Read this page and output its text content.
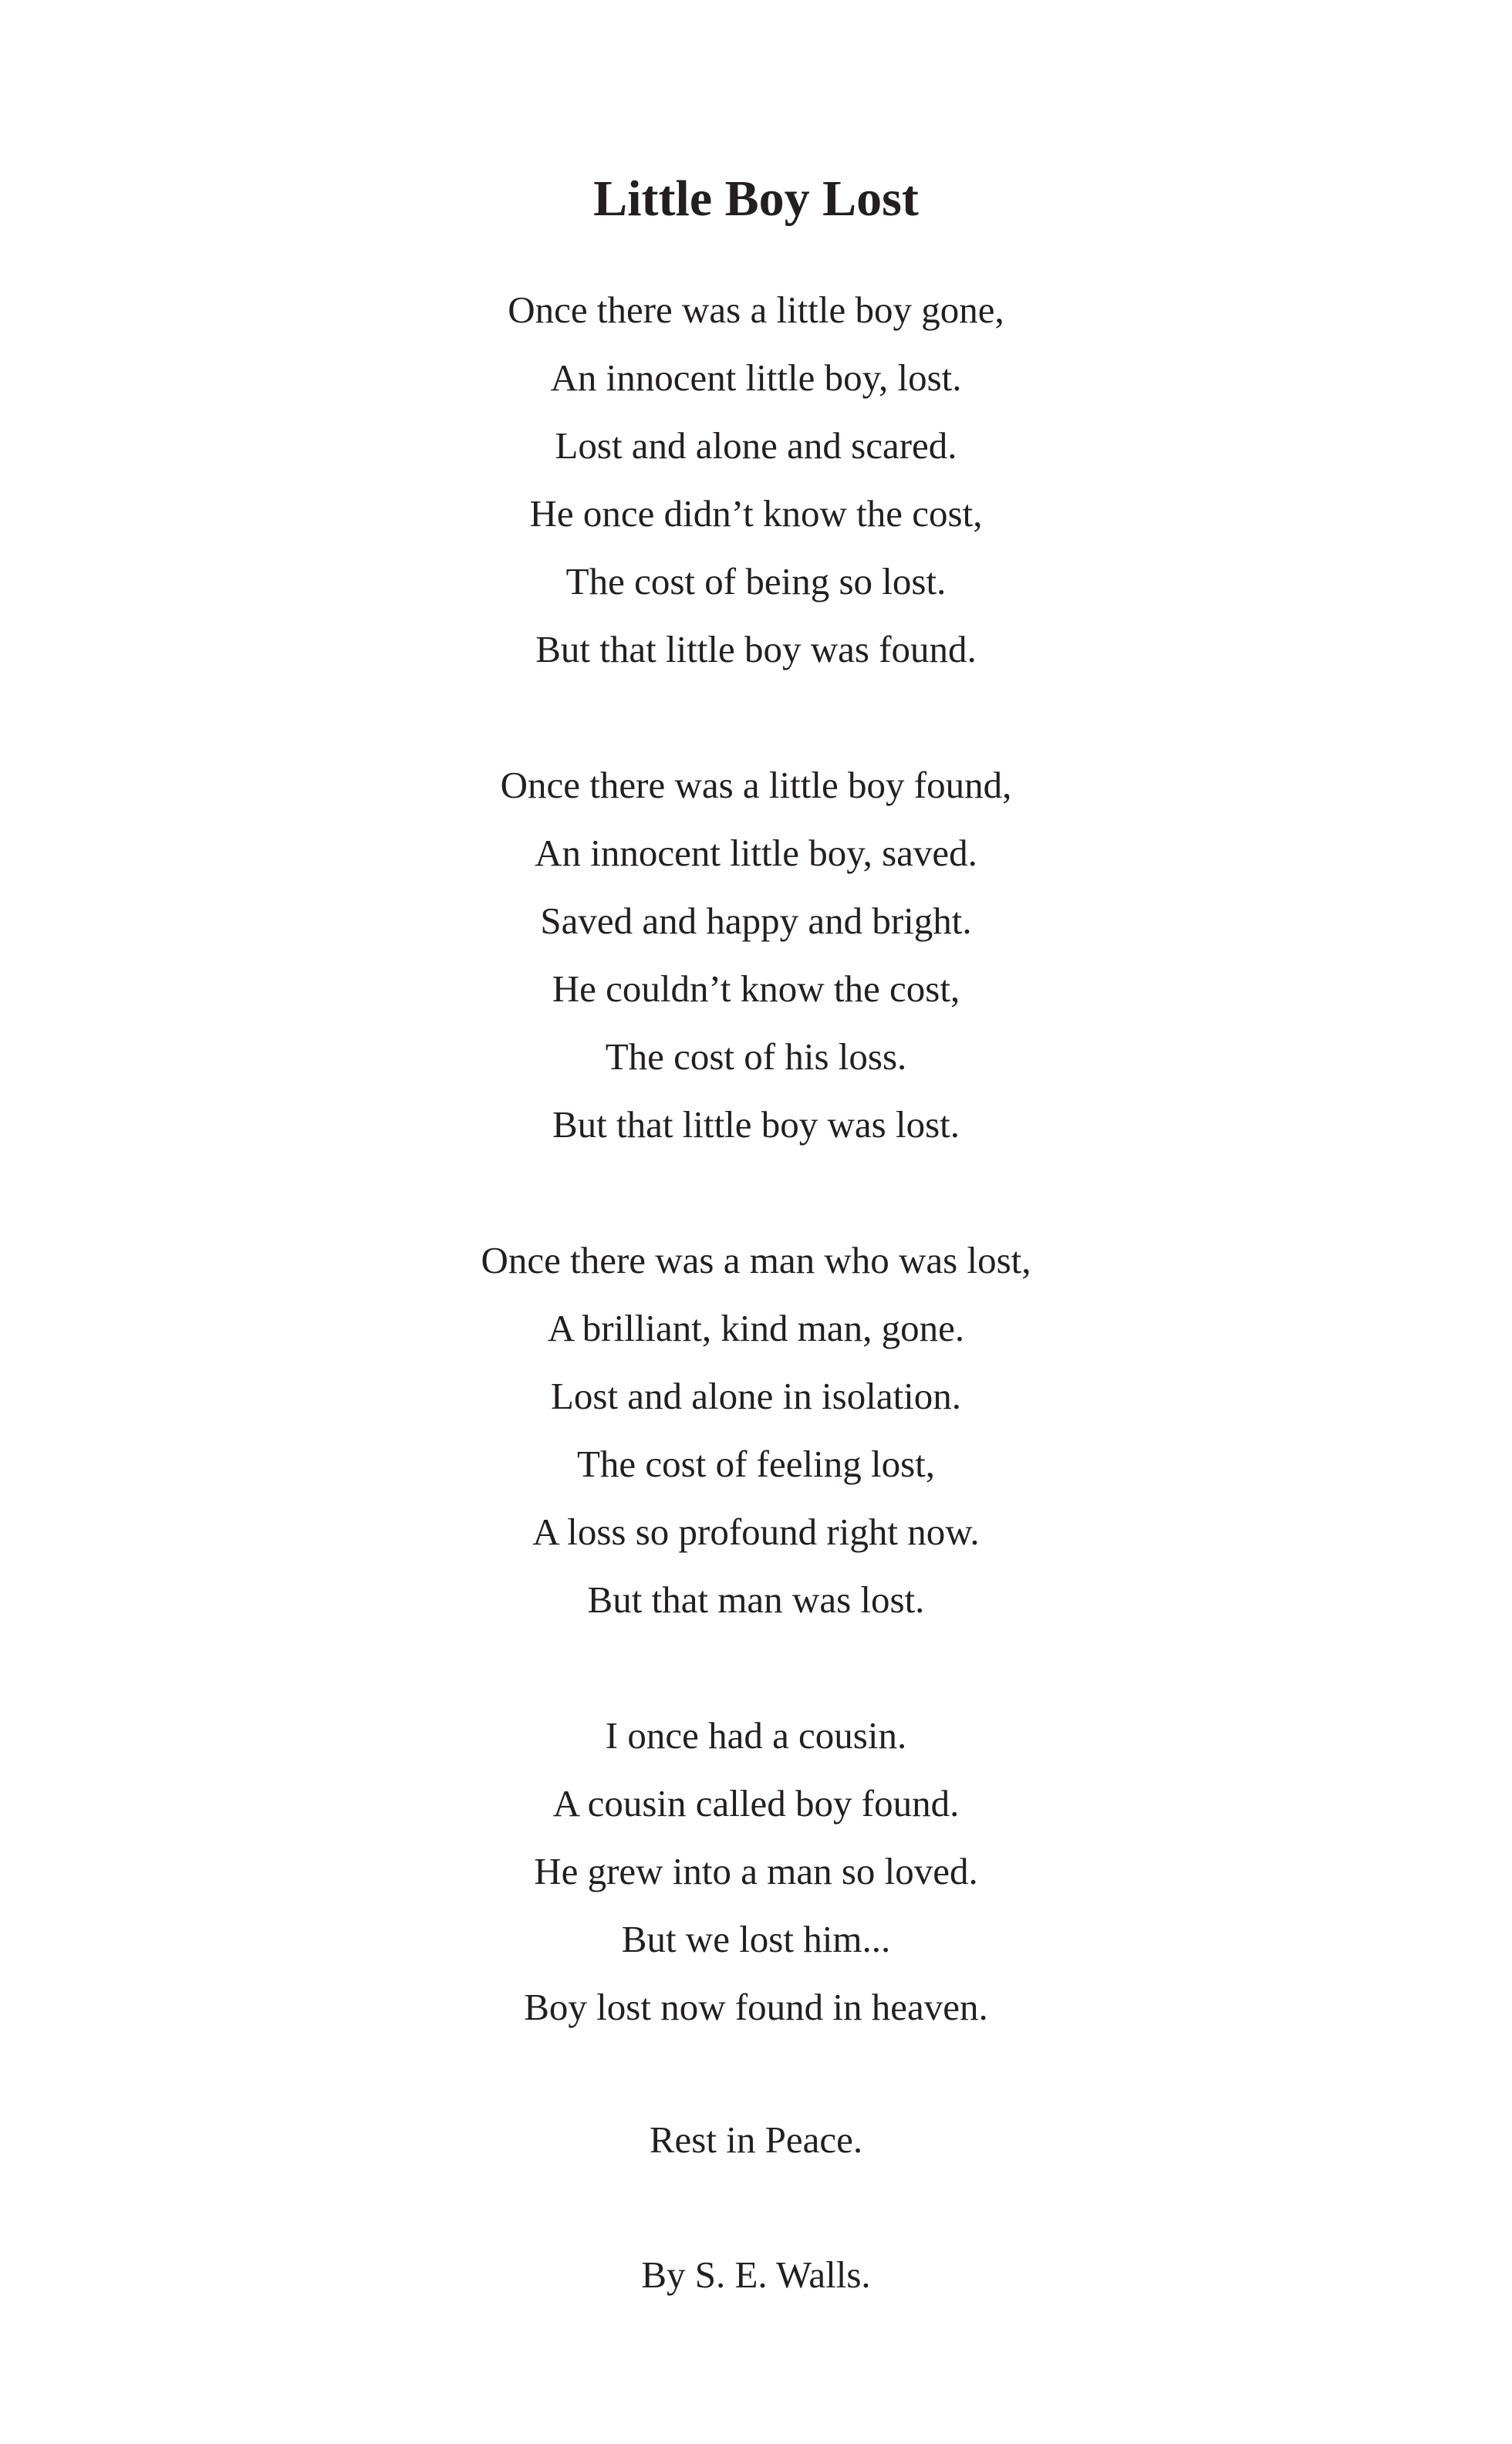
Little Boy Lost
Once there was a little boy gone,
An innocent little boy, lost.
Lost and alone and scared.
He once didn’t know the cost,
The cost of being so lost.
But that little boy was found.
Once there was a little boy found,
An innocent little boy, saved.
Saved and happy and bright.
He couldn’t know the cost,
The cost of his loss.
But that little boy was lost.
Once there was a man who was lost,
A brilliant, kind man, gone.
Lost and alone in isolation.
The cost of feeling lost,
A loss so profound right now.
But that man was lost.
I once had a cousin.
A cousin called boy found.
He grew into a man so loved.
But we lost him...
Boy lost now found in heaven.
Rest in Peace.
By S. E. Walls.
